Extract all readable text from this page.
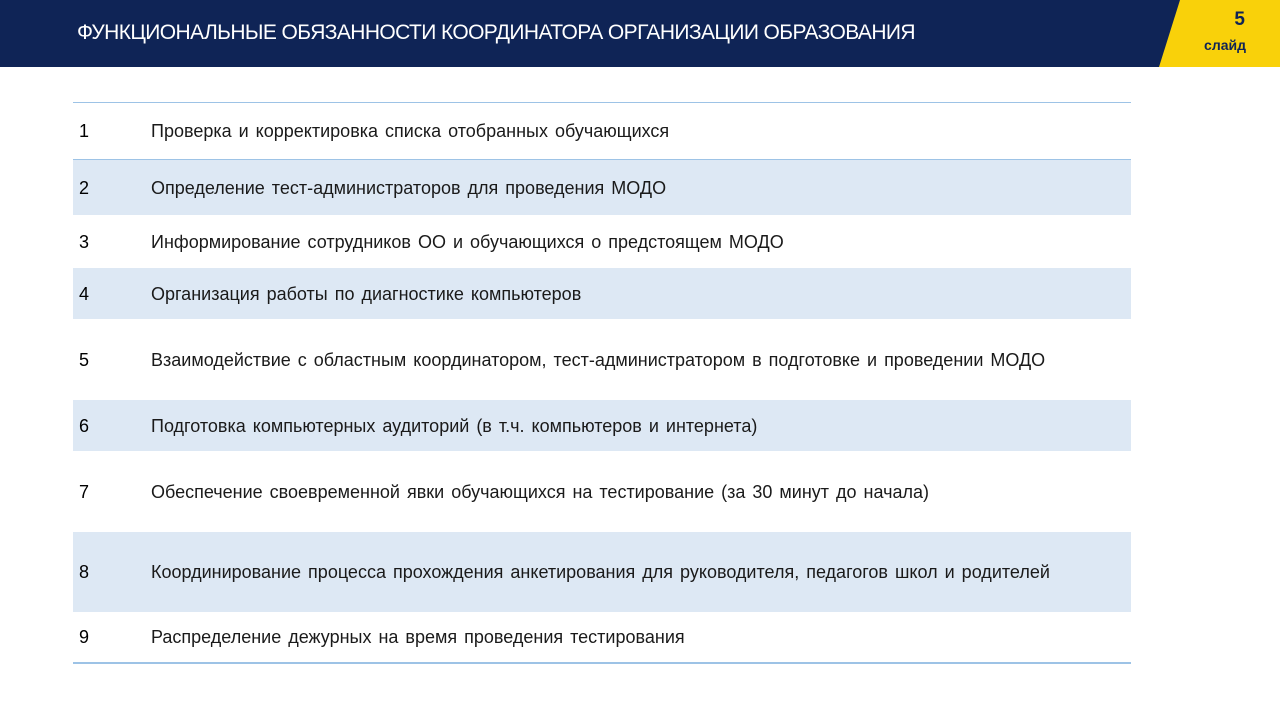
ФУНКЦИОНАЛЬНЫЕ ОБЯЗАННОСТИ КООРДИНАТОРА ОРГАНИЗАЦИИ ОБРАЗОВАНИЯ
5
слайд
1	Проверка и корректировка списка отобранных обучающихся
2	Определение тест-администраторов для проведения МОДО
3	Информирование сотрудников ОО и обучающихся о предстоящем МОДО
4	Организация работы по диагностике компьютеров
5	Взаимодействие с областным координатором, тест-администратором в подготовке и проведении МОДО
6	Подготовка компьютерных аудиторий (в т.ч. компьютеров и интернета)
7	Обеспечение своевременной явки обучающихся на тестирование (за 30 минут до начала)
8	Координирование процесса прохождения анкетирования для руководителя, педагогов школ и родителей
9	Распределение дежурных на время проведения тестирования
